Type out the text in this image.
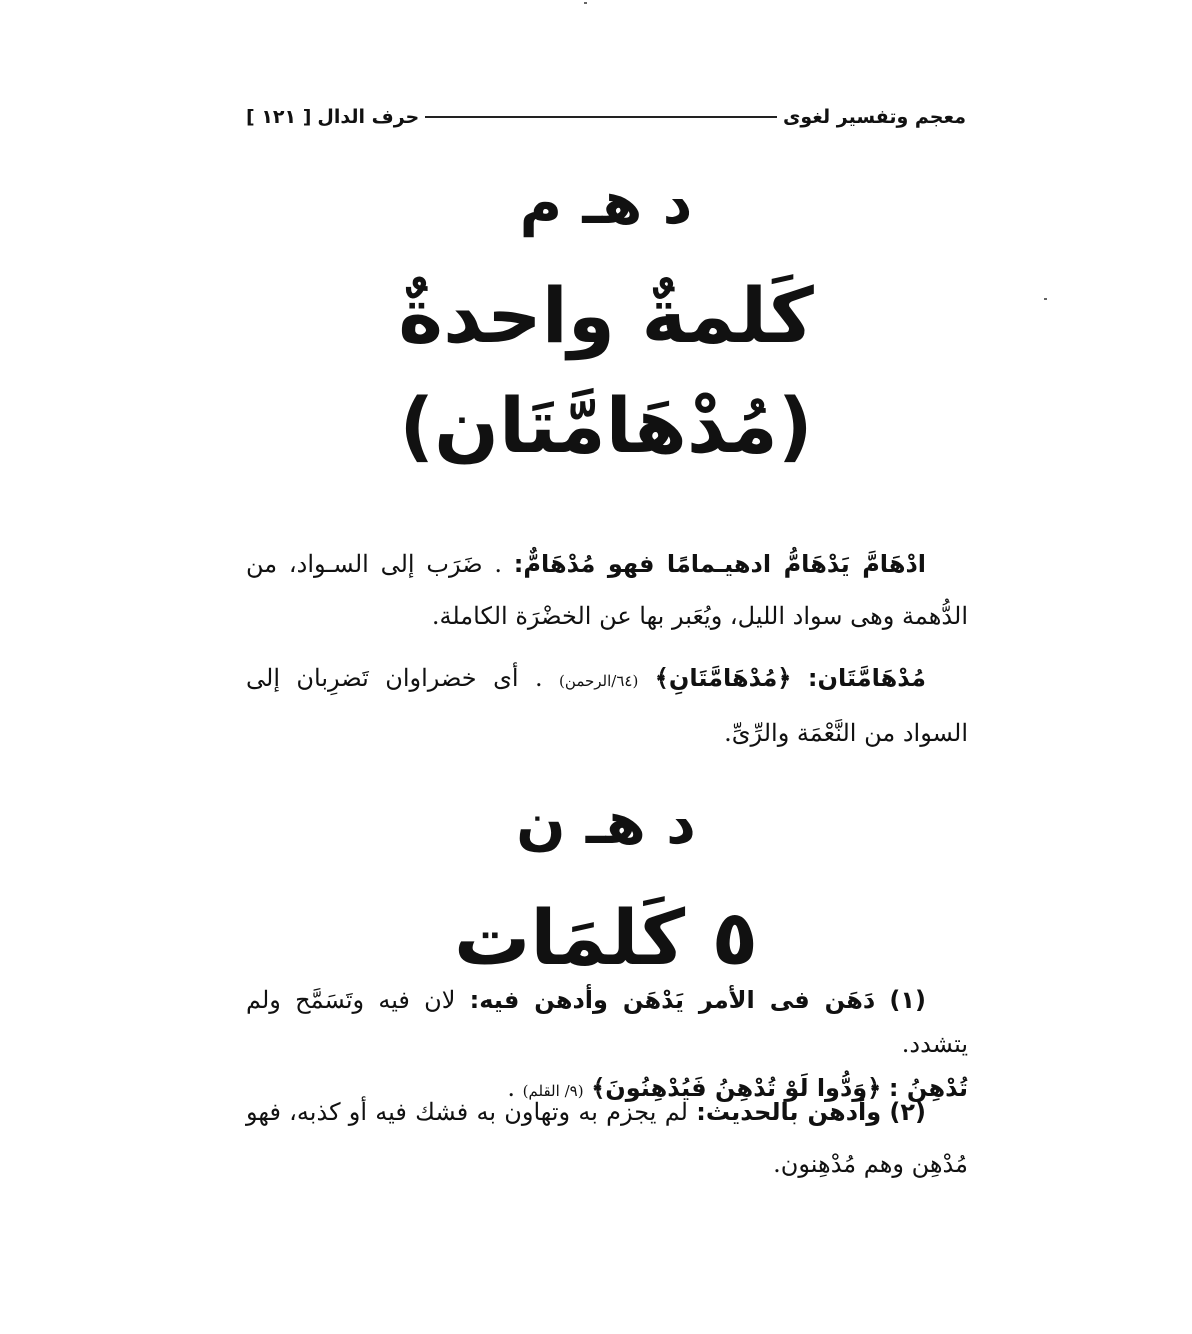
معجم وتفسير لغوى
حرف الدال
[ ١٢١ ]
د هـ م
كَلمةٌ واحدةٌ
(مُدْهَامَّتَان)
ادْهَامَّ يَدْهَامُّ ادهيـمامًا فهو مُدْهَامٌّ: . ضَرَب إلى السـواد، من الدُّهمة وهى سواد الليل، ويُعَبر بها عن الخضْرَة الكاملة.
مُدْهَامَّتَان: ﴿مُدْهَامَّتَانِ﴾ (٦٤/الرحمن) . أى خضراوان تَضرِبان إلى السواد من النَّعْمَة والرِّىِّ.
د هـ ن
٥ كَلمَات
(١) دَهَن فى الأمر يَدْهَن وأدهن فيه: لان فيه وتَسَمَّح ولم يتشدد.
تُدْهِنُ : ﴿وَدُّوا لَوْ تُدْهِنُ فَيُدْهِنُونَ﴾ (٩/ القلم) .
(٢) وأدهن بالحديث: لم يجزم به وتهاون به فشك فيه أو كذبه، فهو مُدْهِن وهم مُدْهِنون.
